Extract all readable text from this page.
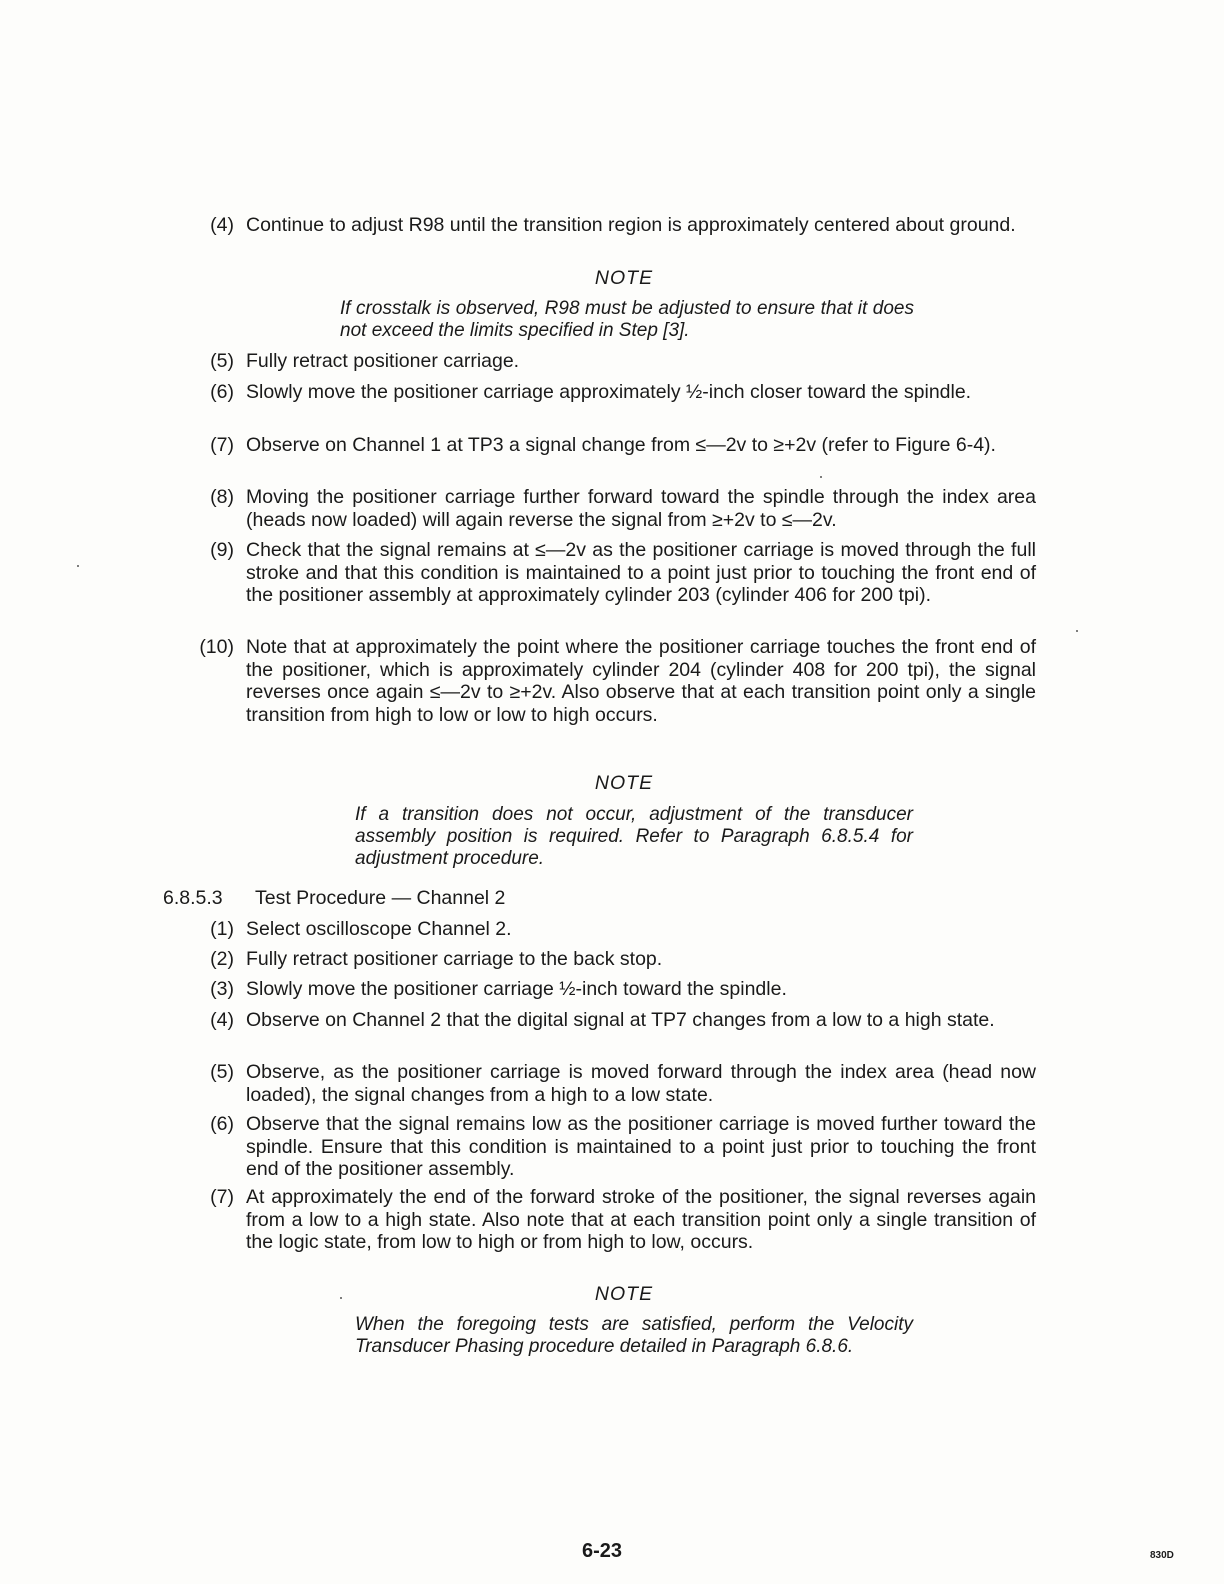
(4) Continue to adjust R98 until the transition region is approximately centered about ground.
NOTE
If crosstalk is observed, R98 must be adjusted to ensure that it does not exceed the limits specified in Step [3].
(5) Fully retract positioner carriage.
(6) Slowly move the positioner carriage approximately ½-inch closer toward the spindle.
(7) Observe on Channel 1 at TP3 a signal change from ≤—2v to ≥+2v (refer to Figure 6-4).
(8) Moving the positioner carriage further forward toward the spindle through the index area (heads now loaded) will again reverse the signal from ≥+2v to ≤—2v.
(9) Check that the signal remains at ≤—2v as the positioner carriage is moved through the full stroke and that this condition is maintained to a point just prior to touching the front end of the positioner assembly at approximately cylinder 203 (cylinder 406 for 200 tpi).
(10) Note that at approximately the point where the positioner carriage touches the front end of the positioner, which is approximately cylinder 204 (cylinder 408 for 200 tpi), the signal reverses once again ≤—2v to ≥+2v. Also observe that at each transition point only a single transition from high to low or low to high occurs.
NOTE
If a transition does not occur, adjustment of the transducer assembly position is required. Refer to Paragraph 6.8.5.4 for adjustment procedure.
6.8.5.3 Test Procedure — Channel 2
(1) Select oscilloscope Channel 2.
(2) Fully retract positioner carriage to the back stop.
(3) Slowly move the positioner carriage ½-inch toward the spindle.
(4) Observe on Channel 2 that the digital signal at TP7 changes from a low to a high state.
(5) Observe, as the positioner carriage is moved forward through the index area (head now loaded), the signal changes from a high to a low state.
(6) Observe that the signal remains low as the positioner carriage is moved further toward the spindle. Ensure that this condition is maintained to a point just prior to touching the front end of the positioner assembly.
(7) At approximately the end of the forward stroke of the positioner, the signal reverses again from a low to a high state. Also note that at each transition point only a single transition of the logic state, from low to high or from high to low, occurs.
NOTE
When the foregoing tests are satisfied, perform the Velocity Transducer Phasing procedure detailed in Paragraph 6.8.6.
6-23	830D
